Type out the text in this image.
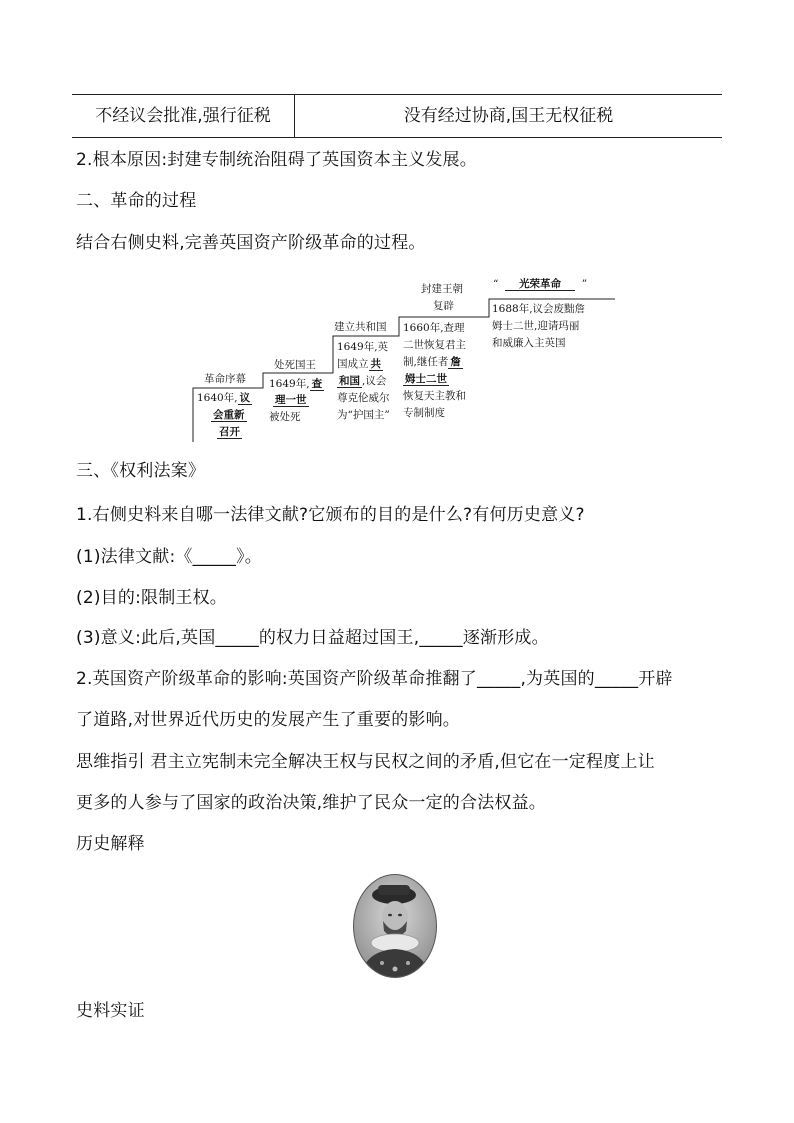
不经议会批准,强行征税	没有经过协商,国王无权征税
2.根本原因:封建专制统治阻碍了英国资本主义发展。
二、革命的过程
结合右侧史料,完善英国资产阶级革命的过程。
革命序幕
1640年, 议
会重新
召开
处死国王
1649年, 查
理一世
被处死
建立共和国
1649年,英
国成立 共
和国 ,议会
尊克伦威尔
为“护国主”
封建王朝
复辟
1660年,查理
二世恢复君主
制,继任者 詹
姆士二世
恢复天主教和
专制制度
“ 光荣革命 ”
1688年,议会废黜詹
姆士二世,迎请玛丽
和威廉入主英国
三、《权利法案》
1.右侧史料来自哪一法律文献?它颁布的目的是什么?有何历史意义?
(1)法律文献:《_____》。
(2)目的:限制王权。
(3)意义:此后,英国_____的权力日益超过国王,_____逐渐形成。
2.英国资产阶级革命的影响:英国资产阶级革命推翻了_____,为英国的_____开辟
了道路,对世界近代历史的发展产生了重要的影响。
思维指引 君主立宪制未完全解决王权与民权之间的矛盾,但它在一定程度上让
更多的人参与了国家的政治决策,维护了民众一定的合法权益。
历史解释
史料实证
